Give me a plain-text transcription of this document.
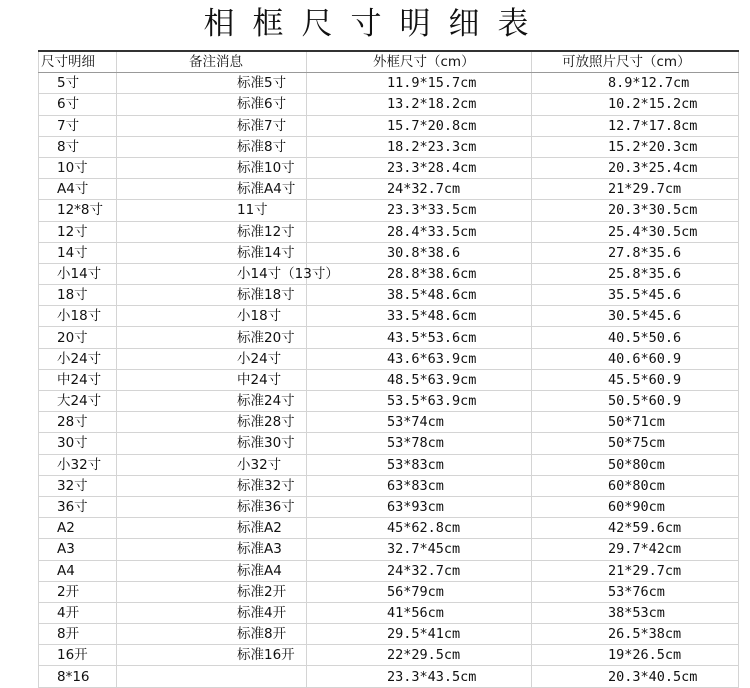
相框尺寸明细表
尺寸明细	备注消息	外框尺寸（cm）	可放照片尺寸（cm）
5寸	标准5寸	11.9*15.7cm	8.9*12.7cm
6寸	标准6寸	13.2*18.2cm	10.2*15.2cm
7寸	标准7寸	15.7*20.8cm	12.7*17.8cm
8寸	标准8寸	18.2*23.3cm	15.2*20.3cm
10寸	标准10寸	23.3*28.4cm	20.3*25.4cm
A4寸	标准A4寸	24*32.7cm	21*29.7cm
12*8寸	11寸	23.3*33.5cm	20.3*30.5cm
12寸	标准12寸	28.4*33.5cm	25.4*30.5cm
14寸	标准14寸	30.8*38.6	27.8*35.6
小14寸	小14寸（13寸）	28.8*38.6cm	25.8*35.6
18寸	标准18寸	38.5*48.6cm	35.5*45.6
小18寸	小18寸	33.5*48.6cm	30.5*45.6
20寸	标准20寸	43.5*53.6cm	40.5*50.6
小24寸	小24寸	43.6*63.9cm	40.6*60.9
中24寸	中24寸	48.5*63.9cm	45.5*60.9
大24寸	标准24寸	53.5*63.9cm	50.5*60.9
28寸	标准28寸	53*74cm	50*71cm
30寸	标准30寸	53*78cm	50*75cm
小32寸	小32寸	53*83cm	50*80cm
32寸	标准32寸	63*83cm	60*80cm
36寸	标准36寸	63*93cm	60*90cm
A2	标准A2	45*62.8cm	42*59.6cm
A3	标准A3	32.7*45cm	29.7*42cm
A4	标准A4	24*32.7cm	21*29.7cm
2开	标准2开	56*79cm	53*76cm
4开	标准4开	41*56cm	38*53cm
8开	标准8开	29.5*41cm	26.5*38cm
16开	标准16开	22*29.5cm	19*26.5cm
8*16		23.3*43.5cm	20.3*40.5cm
